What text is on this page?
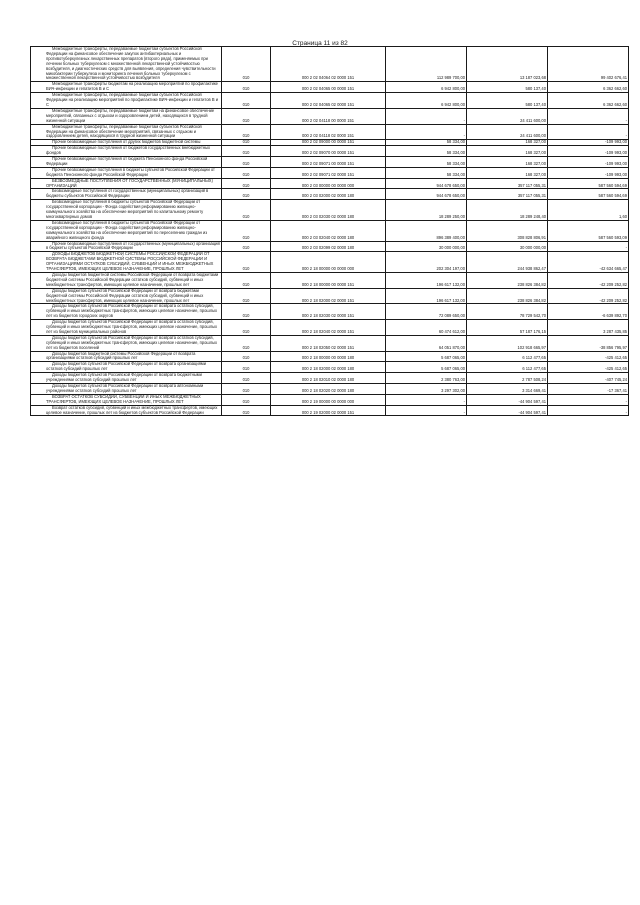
Страница 11 из 82
Межбюджетные трансферты, передаваемые бюджетам субъектов Российской Федерации на финансовое обеспечение закупок антибактериальных и противотуберкулезных лекарственных препаратов (второго ряда), применяемых при лечении больных туберкулезом с множественной лекарственной устойчивостью возбудителя, и диагностических средств для выявления, определения чувствительности микобактерии туберкулеза и мониторинга лечения больных туберкулезом с множественной лекарственной устойчивостью возбудителя	010	000 2 02 04064 02 0000 151	112 989 700,00	13 187 023,68	99 402 676,41

Межбюджетные трансферты бюджетам на реализацию мероприятий по профилактике ВИЧ-инфекции и гепатитов B и C	010	000 2 02 04065 00 0000 151	6 942 800,00	580 137,40	6 362 662,60

Межбюджетные трансферты, передаваемые бюджетам субъектов Российской Федерации на реализацию мероприятий по профилактике ВИЧ-инфекции и гепатитов B и C	010	000 2 02 04065 02 0000 151	6 942 800,00	580 137,40	6 362 662,60

Межбюджетные трансферты, передаваемые бюджетам на финансовое обеспечение мероприятий, связанных с отдыхом и оздоровлением детей, находящихся в трудной жизненной ситуации	010	000 2 02 04118 00 0000 151	-	24 411 600,00	-

Межбюджетные трансферты, передаваемые бюджетам субъектов Российской Федерации на финансовое обеспечение мероприятий, связанных с отдыхом и оздоровлением детей, находящихся в трудной жизненной ситуации	010	000 2 02 04118 02 0000 151	-	24 411 600,00	-

Прочие безвозмездные поступления от других бюджетов бюджетной системы	010	000 2 02 09000 00 0000 151	58 334,00	168 327,00	-109 993,00

Прочие безвозмездные поступления от бюджетов государственных внебюджетных фондов	010	000 2 02 09070 00 0000 151	58 334,00	168 327,00	-109 993,00

Прочие безвозмездные поступления от бюджета Пенсионного фонда Российской Федерации	010	000 2 02 09071 00 0000 151	58 334,00	168 327,00	-109 993,00

Прочие безвозмездные поступления в бюджеты субъектов Российской Федерации от бюджета Пенсионного фонда Российской Федерации	010	000 2 02 09071 02 0000 151	58 334,00	168 327,00	-109 993,00

БЕЗВОЗМЕЗДНЫЕ ПОСТУПЛЕНИЯ ОТ ГОСУДАРСТВЕННЫХ (МУНИЦИПАЛЬНЫХ) ОРГАНИЗАЦИЙ	010	000 2 03 00000 00 0000 000	944 678 650,00	357 117 055,31	587 560 594,69

Безвозмездные поступления от государственных (муниципальных) организаций в бюджеты субъектов Российской Федерации	010	000 2 03 02000 02 0000 180	944 678 650,00	357 117 055,31	587 560 594,69

Безвозмездные поступления в бюджеты субъектов Российской Федерации от государственной корпорации - Фонда содействия реформированию жилищно-коммунального хозяйства на обеспечение мероприятий по капитальному ремонту многоквартирных домов	010	000 2 03 02030 02 0000 180	18 289 250,00	18 289 248,40	1,60

Безвозмездные поступления в бюджеты субъектов Российской Федерации от государственной корпорации - Фонда содействия реформированию жилищно-коммунального хозяйства на обеспечение мероприятий по переселению граждан из аварийного жилищного фонда	010	000 2 03 02040 02 0000 180	896 389 400,00	308 828 806,91	587 560 593,09

Прочие безвозмездные поступления от государственных (муниципальных) организаций в бюджеты субъектов Российской Федерации	010	000 2 03 02099 02 0000 180	30 000 000,00	30 000 000,00	-

ДОХОДЫ БЮДЖЕТОВ БЮДЖЕТНОЙ СИСТЕМЫ РОССИЙСКОЙ ФЕДЕРАЦИИ ОТ ВОЗВРАТА БЮДЖЕТАМИ БЮДЖЕТНОЙ СИСТЕМЫ РОССИЙСКОЙ ФЕДЕРАЦИИ И ОРГАНИЗАЦИЯМИ ОСТАТКОВ СУБСИДИЙ, СУБВЕНЦИЙ И ИНЫХ МЕЖБЮДЖЕТНЫХ ТРАНСФЕРТОВ, ИМЕЮЩИХ ЦЕЛЕВОЕ НАЗНАЧЕНИЕ, ПРОШЛЫХ ЛЕТ	010	000 2 18 00000 00 0000 000	202 304 197,00	244 938 862,47	-42 634 665,47

Доходы бюджетов бюджетной системы Российской Федерации от возврата бюджетами бюджетной системы Российской Федерации остатков субсидий, субвенций и иных межбюджетных трансфертов, имеющих целевое назначение, прошлых лет	010	000 2 18 00000 00 0000 151	196 617 132,00	238 826 384,82	-42 209 252,82

Доходы бюджетов субъектов Российской Федерации от возврата бюджетами бюджетной системы Российской Федерации остатков субсидий, субвенций и иных межбюджетных трансфертов, имеющих целевое назначение, прошлых лет	010	000 2 18 02000 02 0000 151	196 617 132,00	238 826 384,82	-42 209 252,82

Доходы бюджетов субъектов Российской Федерации от возврата остатков субсидий, субвенций и иных межбюджетных трансфертов, имеющих целевое назначение, прошлых лет из бюджетов городских округов	010	000 2 18 02030 02 0000 151	72 089 650,00	78 729 542,70	-6 639 892,70

Доходы бюджетов субъектов Российской Федерации от возврата остатков субсидий, субвенций и иных межбюджетных трансфертов, имеющих целевое назначение, прошлых лет из бюджетов муниципальных районов	010	000 2 18 02040 02 0000 151	60 474 612,00	57 187 176,15	3 287 435,85

Доходы бюджетов субъектов Российской Федерации от возврата остатков субсидий, субвенций и иных межбюджетных трансфертов, имеющих целевое назначение, прошлых лет из бюджетов поселений	010	000 2 18 02050 02 0000 151	64 051 870,00	102 918 665,97	-38 856 795,97

Доходы бюджетов бюджетной системы Российской Федерации от возврата организациями остатков субсидий прошлых лет	010	000 2 18 00000 00 0000 180	5 687 065,00	6 112 477,65	-425 412,65

Доходы бюджетов субъектов Российской Федерации от возврата организациями остатков субсидий прошлых лет	010	000 2 18 02000 02 0000 180	5 687 065,00	6 112 477,65	-425 412,65

Доходы бюджетов субъектов Российской Федерации от возврата бюджетными учреждениями остатков субсидий прошлых лет	010	000 2 18 02010 02 0000 180	2 380 763,00	2 787 508,24	-407 745,24

Доходы бюджетов субъектов Российской Федерации от возврата автономными учреждениями остатков субсидий прошлых лет	010	000 2 18 02020 02 0000 180	3 297 302,00	3 314 669,41	-17 367,41

ВОЗВРАТ ОСТАТКОВ СУБСИДИЙ, СУБВЕНЦИЙ И ИНЫХ МЕЖБЮДЖЕТНЫХ ТРАНСФЕРТОВ, ИМЕЮЩИХ ЦЕЛЕВОЕ НАЗНАЧЕНИЕ, ПРОШЛЫХ ЛЕТ	010	000 2 19 00000 00 0000 000	-	-44 904 597,41	-

Возврат остатков субсидий, субвенций и иных межбюджетных трансфертов, имеющих целевое назначение, прошлых лет из бюджетов субъектов Российской Федерации	010	000 2 19 02000 02 0000 151	-	-44 904 597,41	-
